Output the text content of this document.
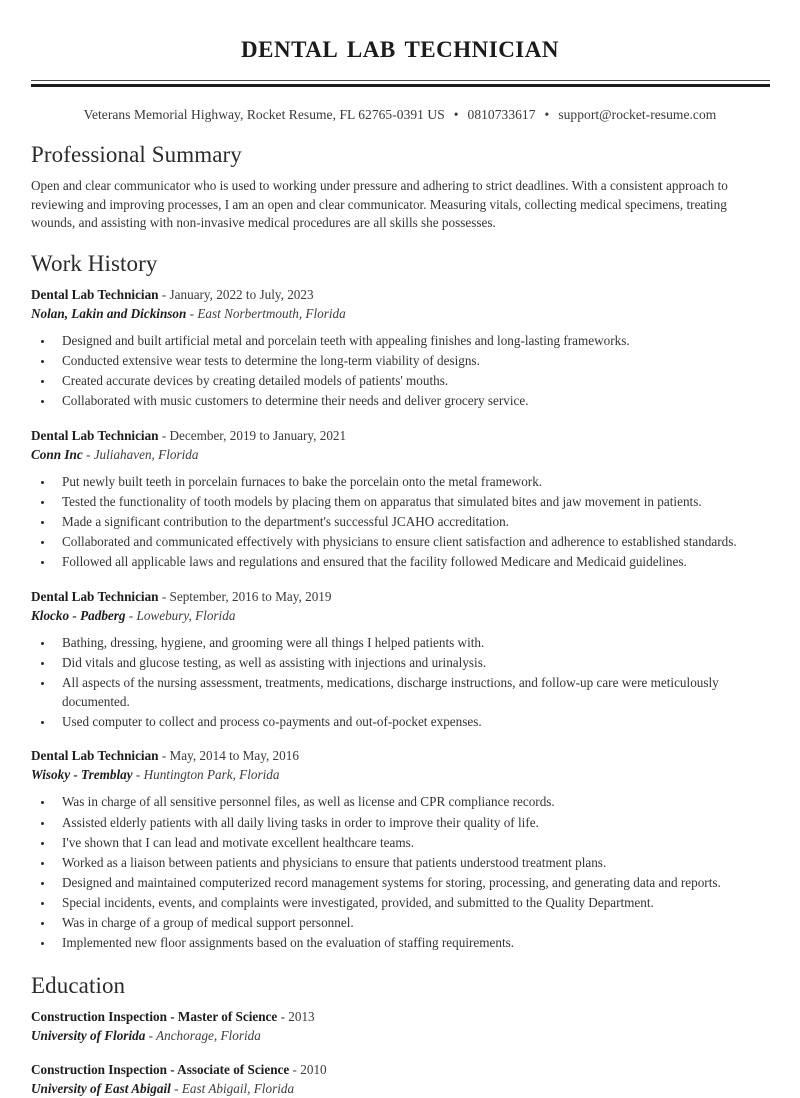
dental lab technician
Veterans Memorial Highway, Rocket Resume, FL 62765-0391 US • 0810733617 • support@rocket-resume.com
Professional Summary

Open and clear communicator who is used to working under pressure and adhering to strict deadlines. With a consistent approach to reviewing and improving processes, I am an open and clear communicator. Measuring vitals, collecting medical specimens, treating wounds, and assisting with non-invasive medical procedures are all skills she possesses.

Work History
Dental Lab Technician - January, 2022 to July, 2023
Nolan, Lakin and Dickinson - East Norbertmouth, Florida
Designed and built artificial metal and porcelain teeth with appealing finishes and long-lasting frameworks.
Conducted extensive wear tests to determine the long-term viability of designs.
Created accurate devices by creating detailed models of patients' mouths.
Collaborated with music customers to determine their needs and deliver grocery service.
Dental Lab Technician - December, 2019 to January, 2021
Conn Inc - Juliahaven, Florida
Put newly built teeth in porcelain furnaces to bake the porcelain onto the metal framework.
Tested the functionality of tooth models by placing them on apparatus that simulated bites and jaw movement in patients.
Made a significant contribution to the department's successful JCAHO accreditation.
Collaborated and communicated effectively with physicians to ensure client satisfaction and adherence to established standards.
Followed all applicable laws and regulations and ensured that the facility followed Medicare and Medicaid guidelines.
Dental Lab Technician - September, 2016 to May, 2019
Klocko - Padberg - Lowebury, Florida
Bathing, dressing, hygiene, and grooming were all things I helped patients with.
Did vitals and glucose testing, as well as assisting with injections and urinalysis.
All aspects of the nursing assessment, treatments, medications, discharge instructions, and follow-up care were meticulously documented.
Used computer to collect and process co-payments and out-of-pocket expenses.
Dental Lab Technician - May, 2014 to May, 2016
Wisoky - Tremblay - Huntington Park, Florida
Was in charge of all sensitive personnel files, as well as license and CPR compliance records.
Assisted elderly patients with all daily living tasks in order to improve their quality of life.
I've shown that I can lead and motivate excellent healthcare teams.
Worked as a liaison between patients and physicians to ensure that patients understood treatment plans.
Designed and maintained computerized record management systems for storing, processing, and generating data and reports.
Special incidents, events, and complaints were investigated, provided, and submitted to the Quality Department.
Was in charge of a group of medical support personnel.
Implemented new floor assignments based on the evaluation of staffing requirements.
Education
Construction Inspection - Master of Science - 2013
University of Florida - Anchorage, Florida
Construction Inspection - Associate of Science - 2010
University of East Abigail - East Abigail, Florida
